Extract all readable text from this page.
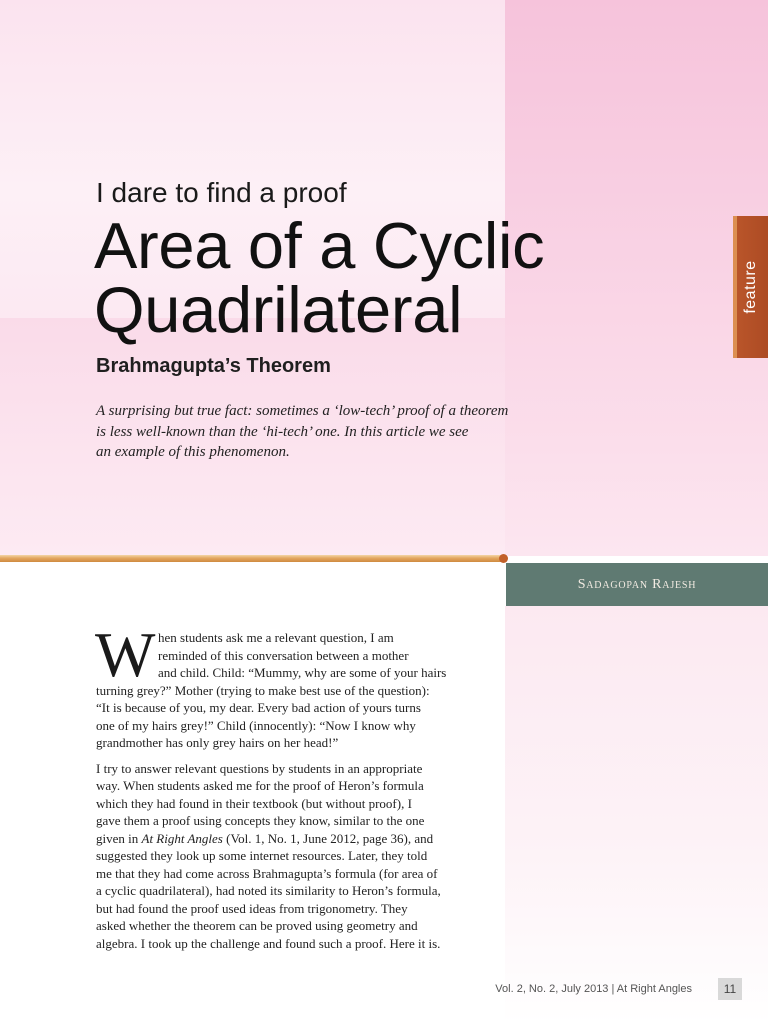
feature
I dare to find a proof
Area of a Cyclic
Quadrilateral
Brahmagupta’s Theorem
A surprising but true fact: sometimes a ‘low-tech’ proof of a theorem
is less well-known than the ‘hi-tech’ one. In this article we see
an example of this phenomenon.
Sadagopan Rajesh
W hen students ask me a relevant question, I am
reminded of this conversation between a mother
and child. Child: “Mummy, why are some of your hairs
turning grey?” Mother (trying to make best use of the question):
“It is because of you, my dear. Every bad action of yours turns
one of my hairs grey!” Child (innocently): “Now I know why
grandmother has only grey hairs on her head!”
I try to answer relevant questions by students in an appropriate
way. When students asked me for the proof of Heron’s formula
which they had found in their textbook (but without proof), I
gave them a proof using concepts they know, similar to the one
given in At Right Angles (Vol. 1, No. 1, June 2012, page 36), and
suggested they look up some internet resources. Later, they told
me that they had come across Brahmagupta’s formula (for area of
a cyclic quadrilateral), had noted its similarity to Heron’s formula,
but had found the proof used ideas from trigonometry. They
asked whether the theorem can be proved using geometry and
algebra. I took up the challenge and found such a proof. Here it is.
Vol. 2, No. 2, July 2013 | At Right Angles	11
